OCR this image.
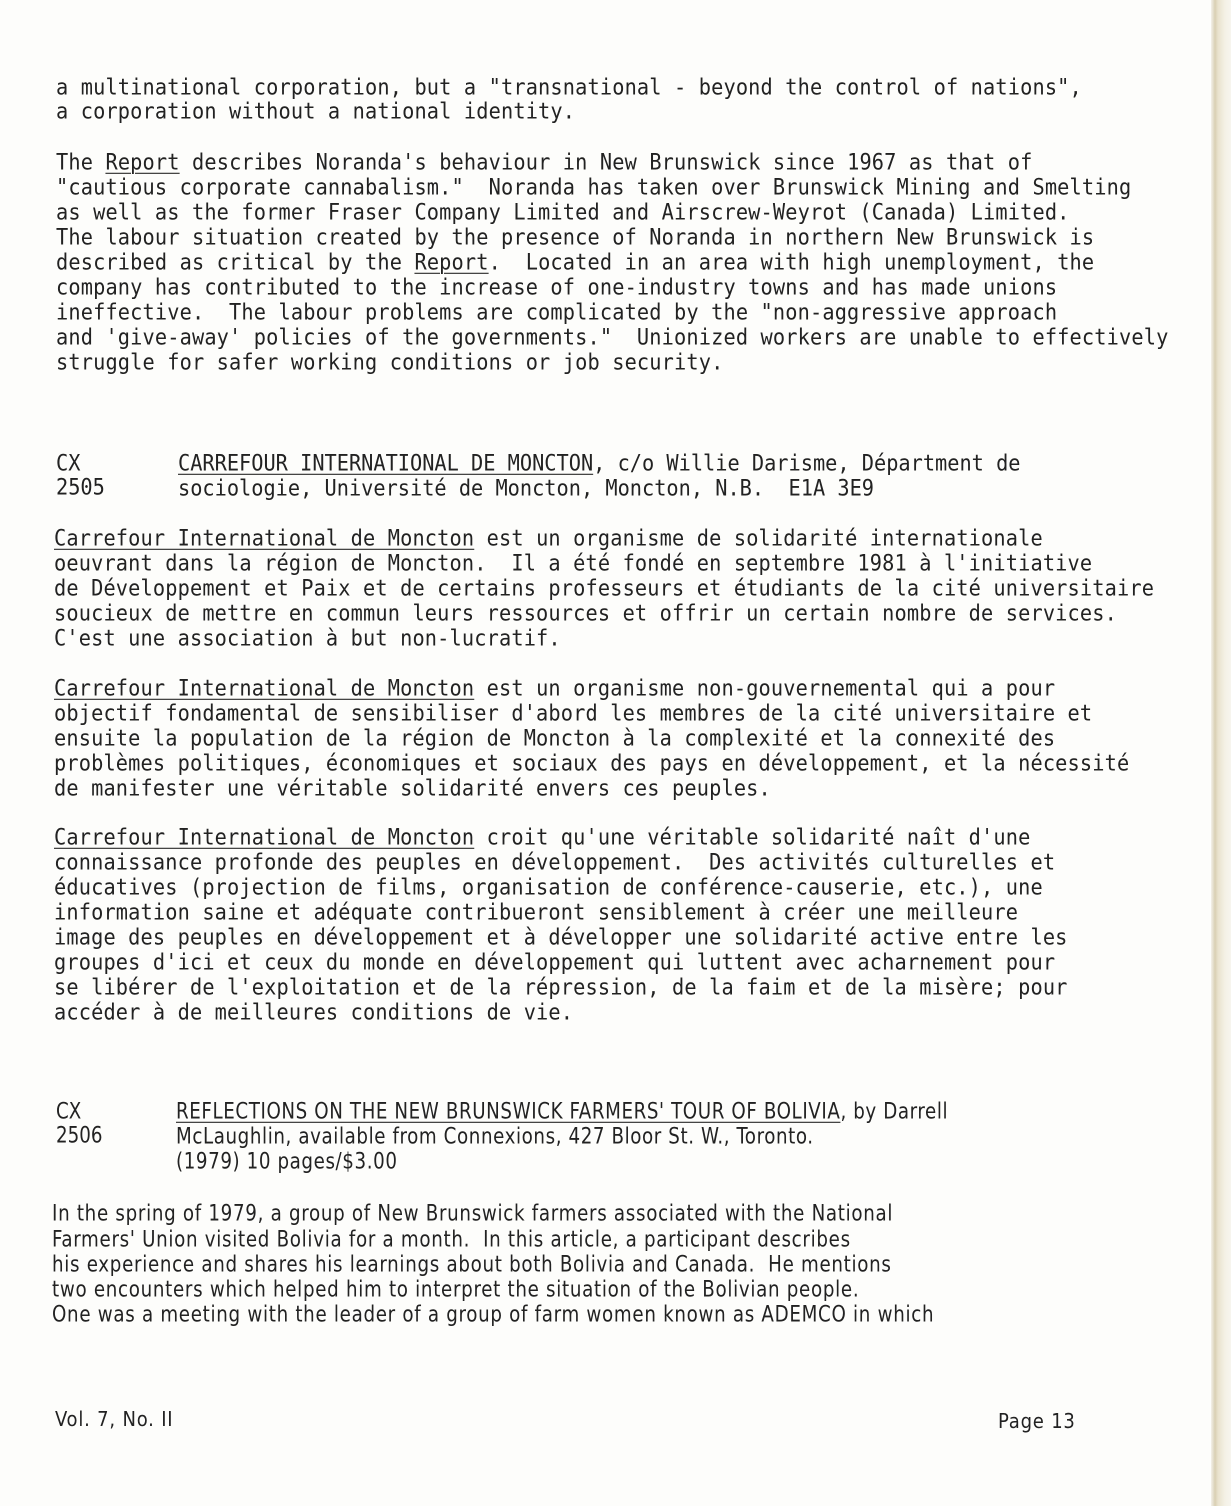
a multinational corporation, but a "transnational - beyond the control of nations",
a corporation without a national identity.
The Report describes Noranda's behaviour in New Brunswick since 1967 as that of
"cautious corporate cannabalism."  Noranda has taken over Brunswick Mining and Smelting
as well as the former Fraser Company Limited and Airscrew-Weyrot (Canada) Limited.
The labour situation created by the presence of Noranda in northern New Brunswick is
described as critical by the Report.  Located in an area with high unemployment, the
company has contributed to the increase of one-industry towns and has made unions
ineffective.  The labour problems are complicated by the "non-aggressive approach
and 'give-away' policies of the governments."  Unionized workers are unable to effectively
struggle for safer working conditions or job security.
CX
2505
CARREFOUR INTERNATIONAL DE MONCTON, c/o Willie Darisme, Départment de
sociologie, Université de Moncton, Moncton, N.B.  E1A 3E9
Carrefour International de Moncton est un organisme de solidarité internationale
oeuvrant dans la région de Moncton.  Il a été fondé en septembre 1981 à l'initiative
de Développement et Paix et de certains professeurs et étudiants de la cité universitaire
soucieux de mettre en commun leurs ressources et offrir un certain nombre de services.
C'est une association à but non-lucratif.
Carrefour International de Moncton est un organisme non-gouvernemental qui a pour
objectif fondamental de sensibiliser d'abord les membres de la cité universitaire et
ensuite la population de la région de Moncton à la complexité et la connexité des
problèmes politiques, économiques et sociaux des pays en développement, et la nécessité
de manifester une véritable solidarité envers ces peuples.
Carrefour International de Moncton croit qu'une véritable solidarité naît d'une
connaissance profonde des peuples en développement.  Des activités culturelles et
éducatives (projection de films, organisation de conférence-causerie, etc.), une
information saine et adéquate contribueront sensiblement à créer une meilleure
image des peuples en développement et à développer une solidarité active entre les
groupes d'ici et ceux du monde en développement qui luttent avec acharnement pour
se libérer de l'exploitation et de la répression, de la faim et de la misère; pour
accéder à de meilleures conditions de vie.
CX
2506
REFLECTIONS ON THE NEW BRUNSWICK FARMERS' TOUR OF BOLIVIA, by Darrell
McLaughlin, available from Connexions, 427 Bloor St. W., Toronto.
(1979) 10 pages/$3.00
In the spring of 1979, a group of New Brunswick farmers associated with the National
Farmers' Union visited Bolivia for a month.  In this article, a participant describes
his experience and shares his learnings about both Bolivia and Canada.  He mentions
two encounters which helped him to interpret the situation of the Bolivian people.
One was a meeting with the leader of a group of farm women known as ADEMCO in which
Vol. 7, No. II	Page 13
